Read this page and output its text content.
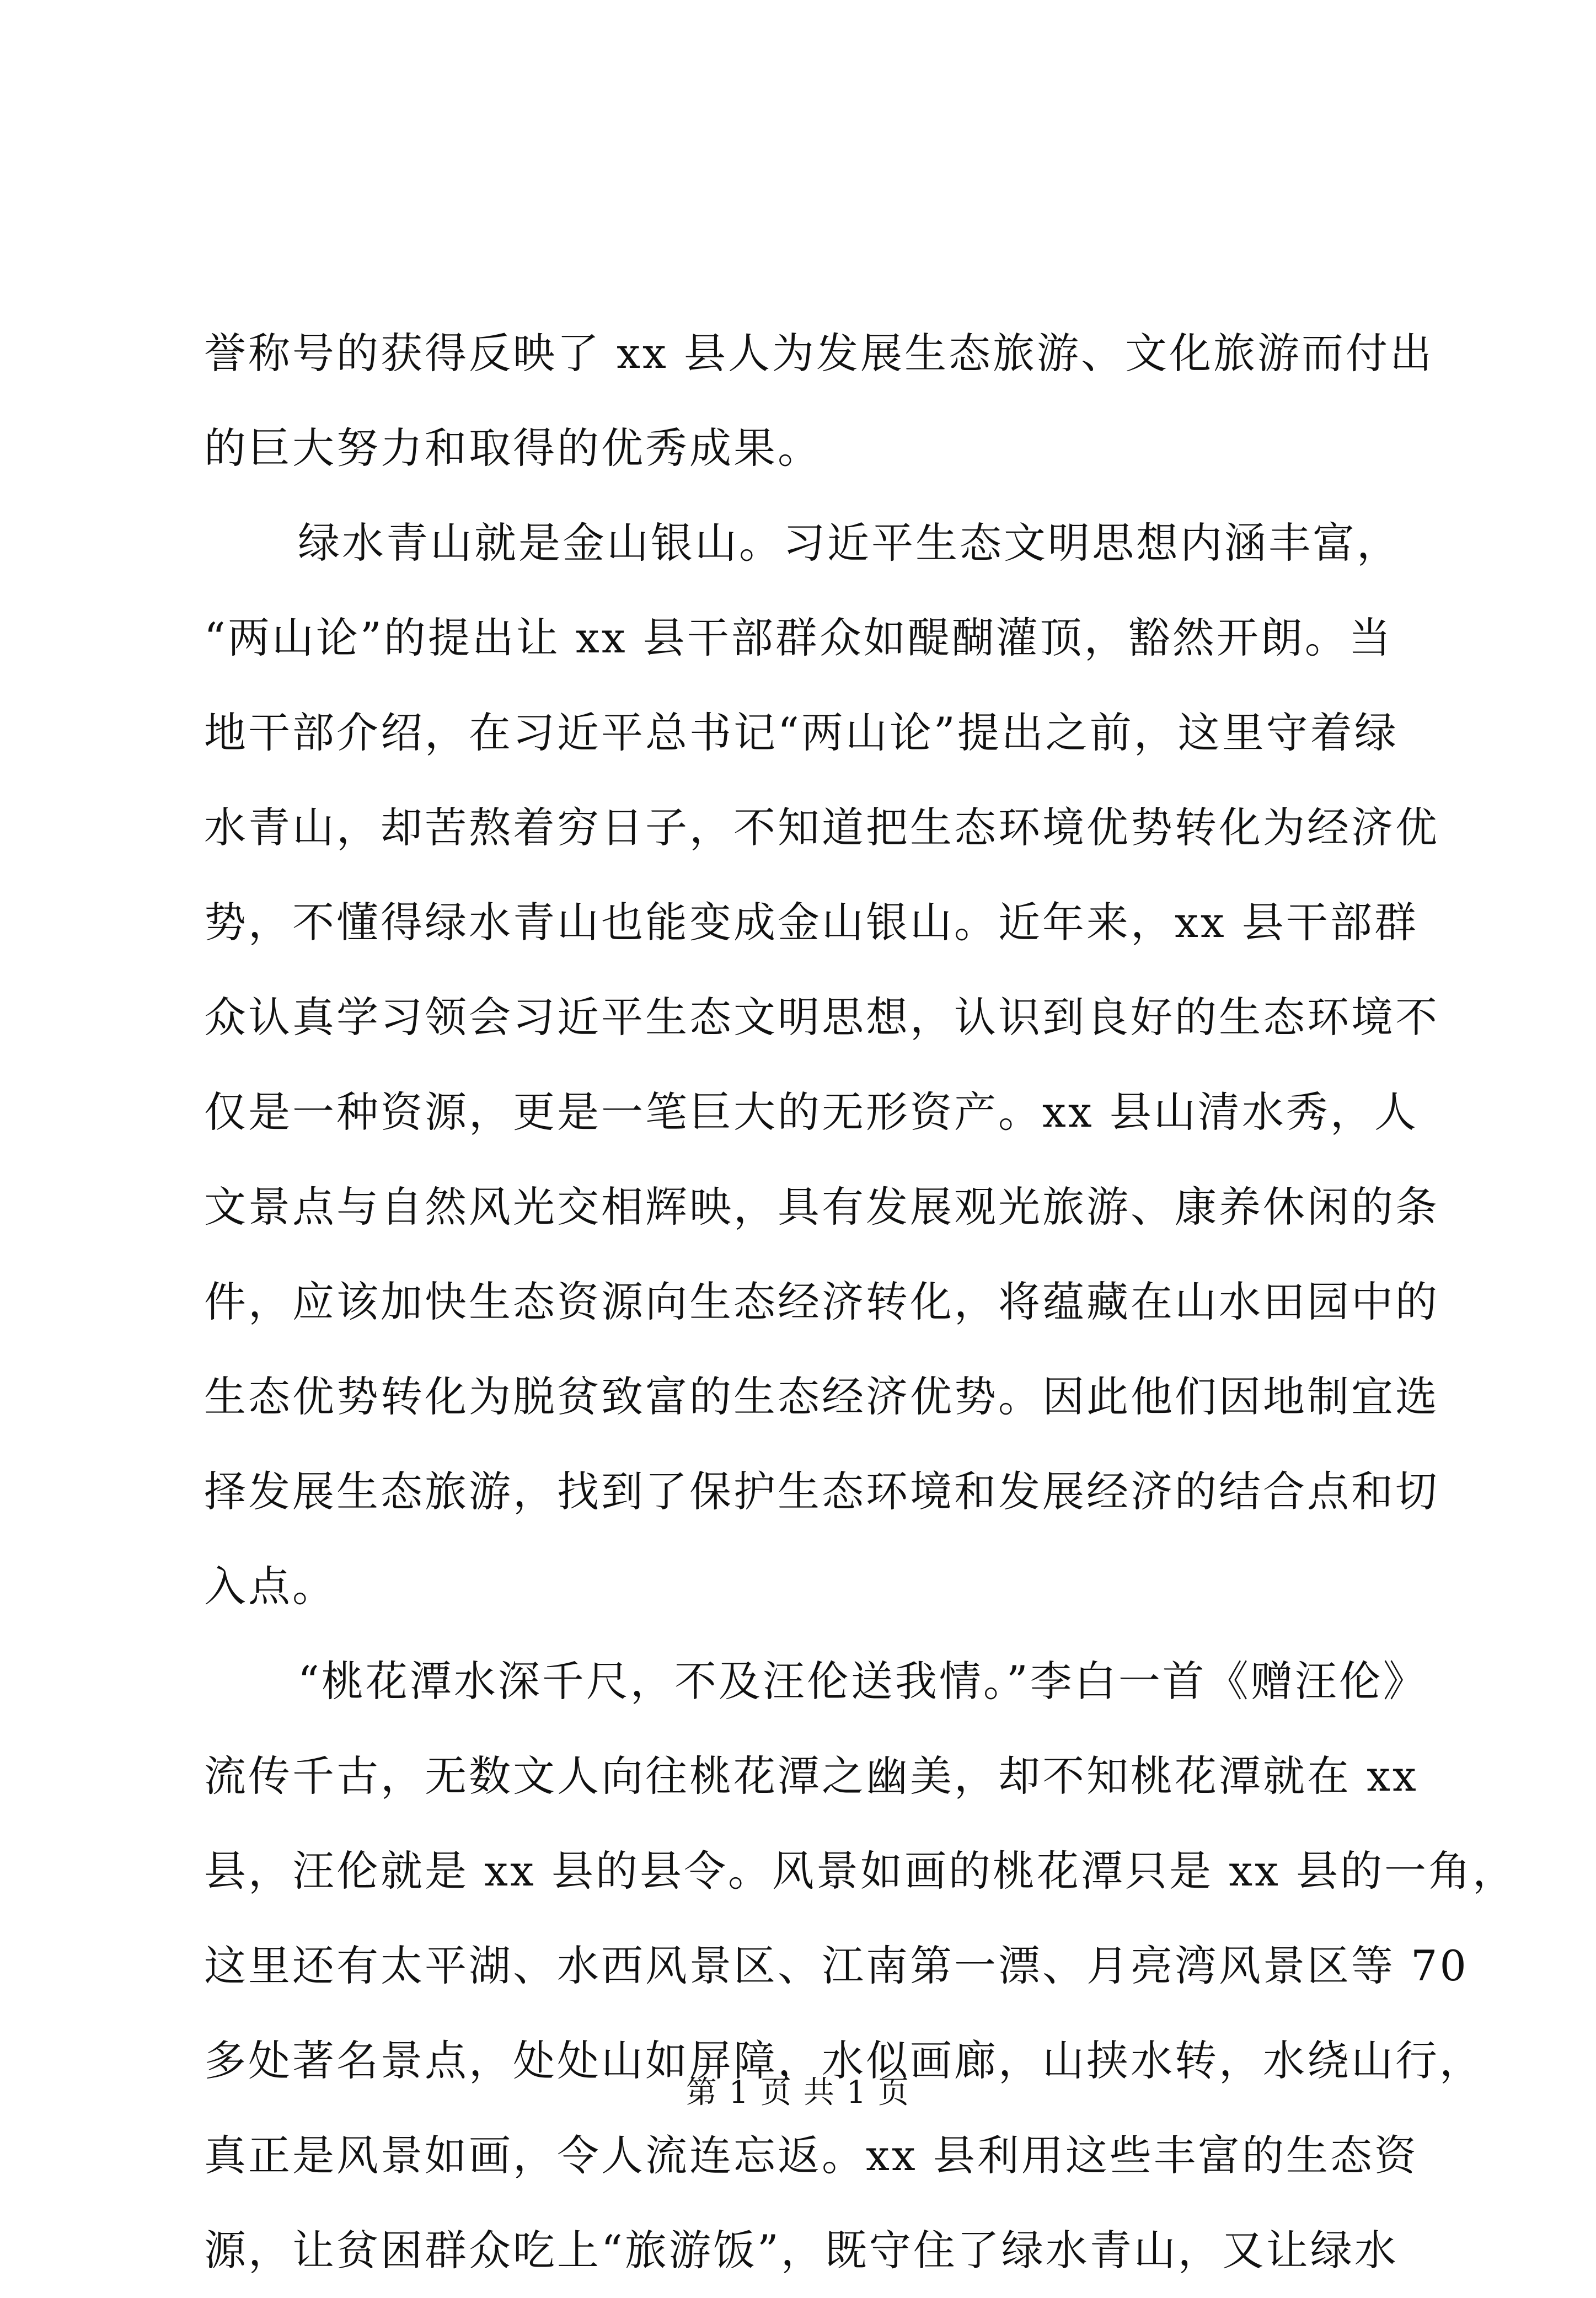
誉称号的获得反映了 xx 县人为发展生态旅游、文化旅游而付出
的巨大努力和取得的优秀成果。
绿水青山就是金山银山。习近平生态文明思想内涵丰富，
“两山论”的提出让 xx 县干部群众如醍醐灌顶，豁然开朗。当
地干部介绍，在习近平总书记“两山论”提出之前，这里守着绿
水青山，却苦熬着穷日子，不知道把生态环境优势转化为经济优
势，不懂得绿水青山也能变成金山银山。近年来，xx 县干部群
众认真学习领会习近平生态文明思想，认识到良好的生态环境不
仅是一种资源，更是一笔巨大的无形资产。xx 县山清水秀，人
文景点与自然风光交相辉映，具有发展观光旅游、康养休闲的条
件，应该加快生态资源向生态经济转化，将蕴藏在山水田园中的
生态优势转化为脱贫致富的生态经济优势。因此他们因地制宜选
择发展生态旅游，找到了保护生态环境和发展经济的结合点和切
入点。
“桃花潭水深千尺，不及汪伦送我情。”李白一首《赠汪伦》
流传千古，无数文人向往桃花潭之幽美，却不知桃花潭就在 xx
县，汪伦就是 xx 县的县令。风景如画的桃花潭只是 xx 县的一角，
这里还有太平湖、水西风景区、江南第一漂、月亮湾风景区等 70
多处著名景点，处处山如屏障，水似画廊，山挟水转，水绕山行，
真正是风景如画，令人流连忘返。xx 县利用这些丰富的生态资
源，让贫困群众吃上“旅游饭”，既守住了绿水青山，又让绿水
第 1 页 共 1 页
